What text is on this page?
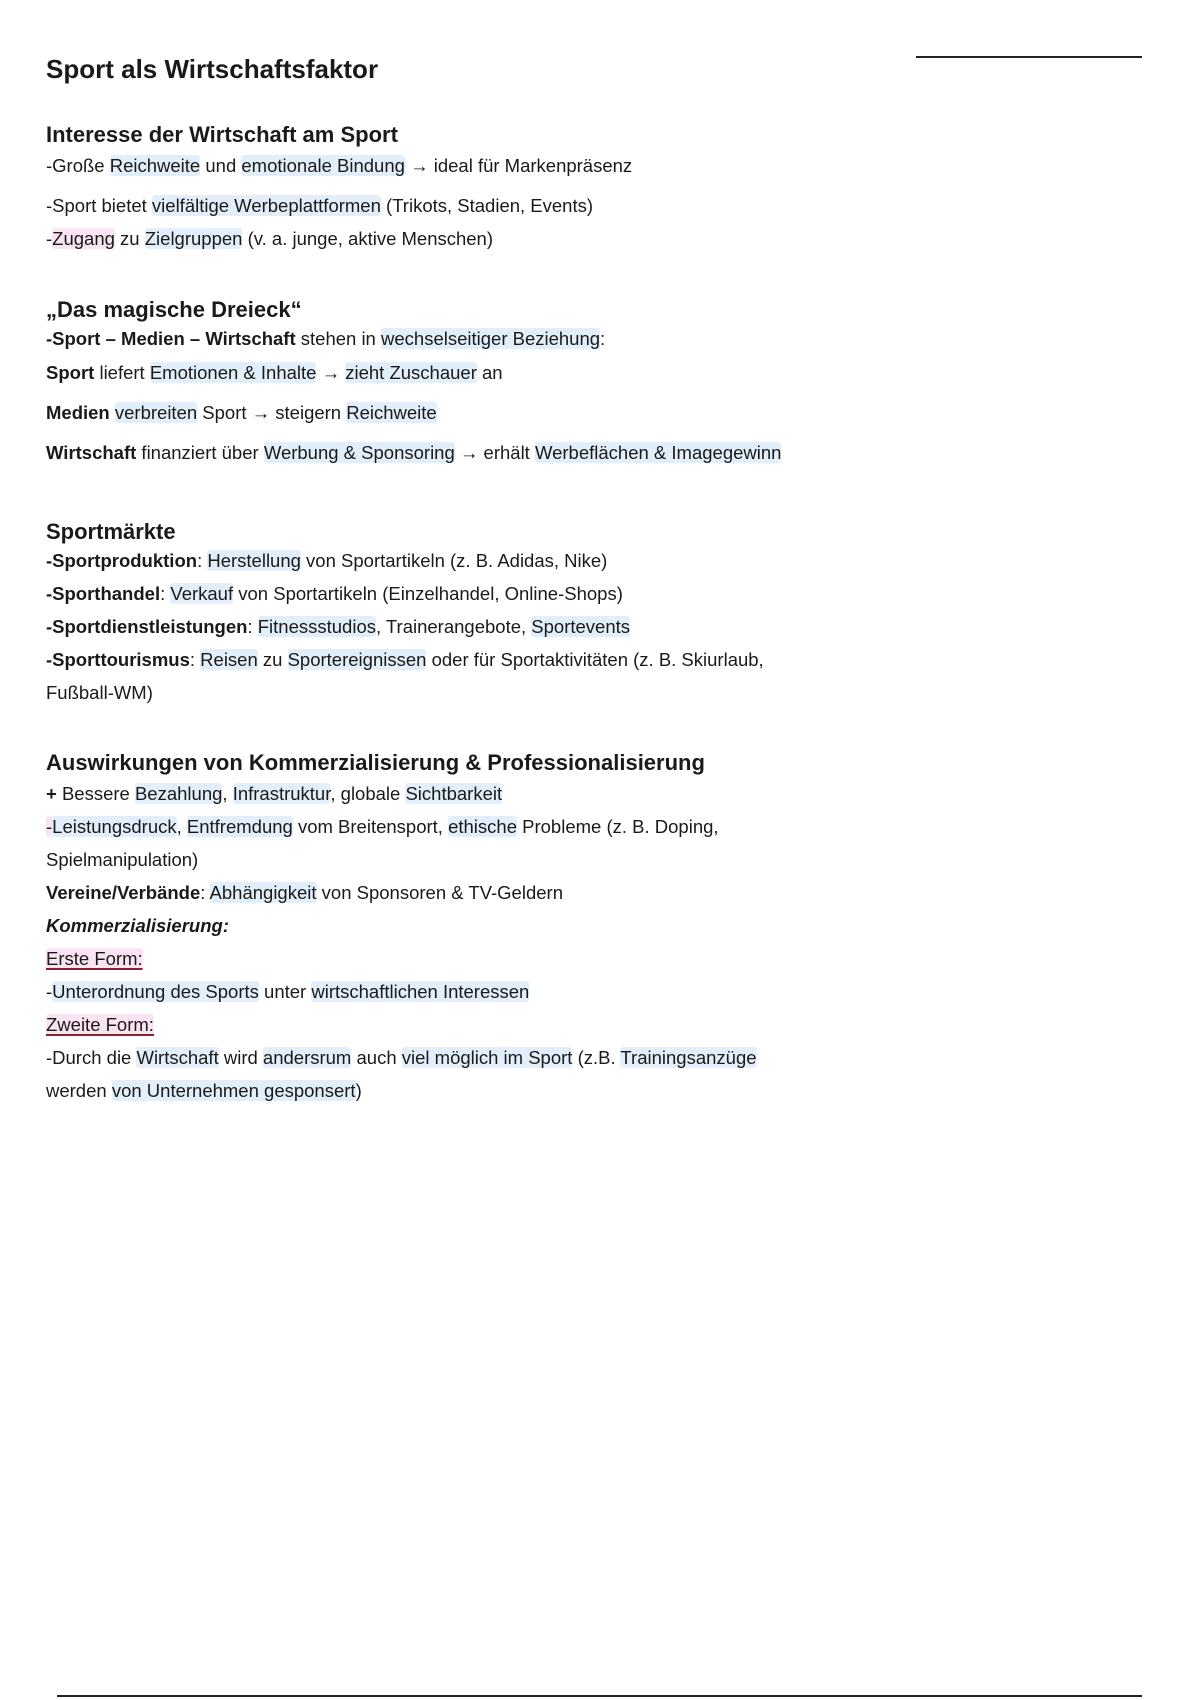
Sport als Wirtschaftsfaktor
Interesse der Wirtschaft am Sport

-Große Reichweite und emotionale Bindung → ideal für Markenpräsenz

-Sport bietet vielfältige Werbeplattformen (Trikots, Stadien, Events)

-Zugang zu Zielgruppen (v. a. junge, aktive Menschen)

„Das magische Dreieck“

-Sport – Medien – Wirtschaft stehen in wechselseitiger Beziehung:

Sport liefert Emotionen & Inhalte → zieht Zuschauer an

Medien verbreiten Sport → steigern Reichweite

Wirtschaft finanziert über Werbung & Sponsoring → erhält Werbeflächen & Imagegewinn

Sportmärkte

-Sportproduktion: Herstellung von Sportartikeln (z. B. Adidas, Nike)

-Sporthandel: Verkauf von Sportartikeln (Einzelhandel, Online-Shops)

-Sportdienstleistungen: Fitnessstudios, Trainerangebote, Sportevents

-Sporttourismus: Reisen zu Sportereignissen oder für Sportaktivitäten (z. B. Skiurlaub,

Fußball-WM)

Auswirkungen von Kommerzialisierung & Professionalisierung

+ Bessere Bezahlung, Infrastruktur, globale Sichtbarkeit

-Leistungsdruck, Entfremdung vom Breitensport, ethische Probleme (z. B. Doping,

Spielmanipulation)

Vereine/Verbände: Abhängigkeit von Sponsoren & TV-Geldern

Kommerzialisierung:

Erste Form:

-Unterordnung des Sports unter wirtschaftlichen Interessen

Zweite Form:

-Durch die Wirtschaft wird andersrum auch viel möglich im Sport (z.B. Trainingsanzüge

werden von Unternehmen gesponsert)
